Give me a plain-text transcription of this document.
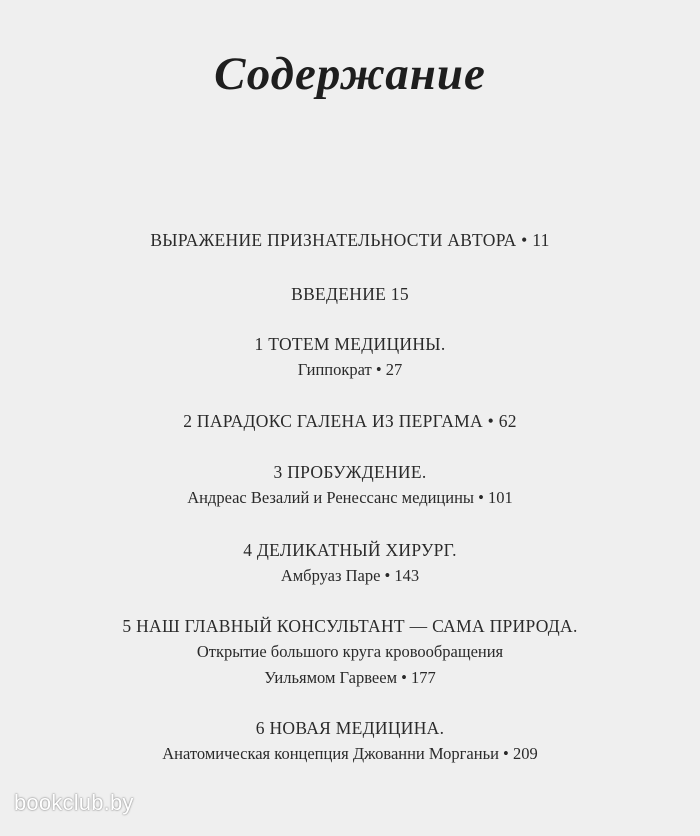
Содержание
ВЫРАЖЕНИЕ ПРИЗНАТЕЛЬНОСТИ АВТОРА • 11
ВВЕДЕНИЕ 15
1 ТОТЕМ МЕДИЦИНЫ.
Гиппократ • 27
2 ПАРАДОКС ГАЛЕНА ИЗ ПЕРГАМА • 62
3 ПРОБУЖДЕНИЕ.
Андреас Везалий и Ренессанс медицины • 101
4 ДЕЛИКАТНЫЙ ХИРУРГ.
Амбруаз Паре • 143
5 НАШ ГЛАВНЫЙ КОНСУЛЬТАНТ — САМА ПРИРОДА.
Открытие большого круга кровообращения
Уильямом Гарвеем • 177
6 НОВАЯ МЕДИЦИНА.
Анатомическая концепция Джованни Морганьи • 209
bookclub.by
